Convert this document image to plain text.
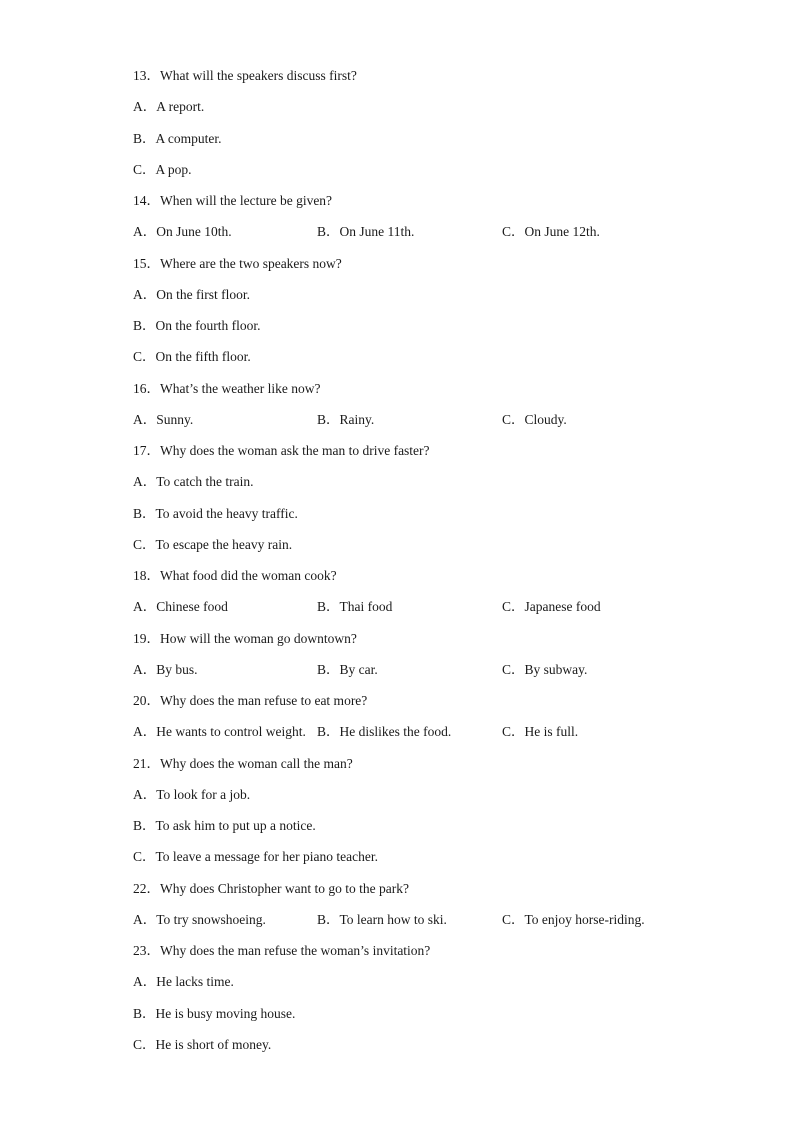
13．What will the speakers discuss first?
A．A report.
B．A computer.
C．A pop.
14．When will the lecture be given?
A．On June 10th.	B．On June 11th.	C．On June 12th.
15．Where are the two speakers now?
A．On the first floor.
B．On the fourth floor.
C．On the fifth floor.
16．What’s the weather like now?
A．Sunny.	B．Rainy.	C．Cloudy.
17．Why does the woman ask the man to drive faster?
A．To catch the train.
B．To avoid the heavy traffic.
C．To escape the heavy rain.
18．What food did the woman cook?
A．Chinese food	B．Thai food	C．Japanese food
19．How will the woman go downtown?
A．By bus.	B．By car.	C．By subway.
20．Why does the man refuse to eat more?
A．He wants to control weight. B．He dislikes the food.	C．He is full.
21．Why does the woman call the man?
A．To look for a job.
B．To ask him to put up a notice.
C．To leave a message for her piano teacher.
22．Why does Christopher want to go to the park?
A．To try snowshoeing.	B．To learn how to ski.	C．To enjoy horse-riding.
23．Why does the man refuse the woman’s invitation?
A．He lacks time.
B．He is busy moving house.
C．He is short of money.
